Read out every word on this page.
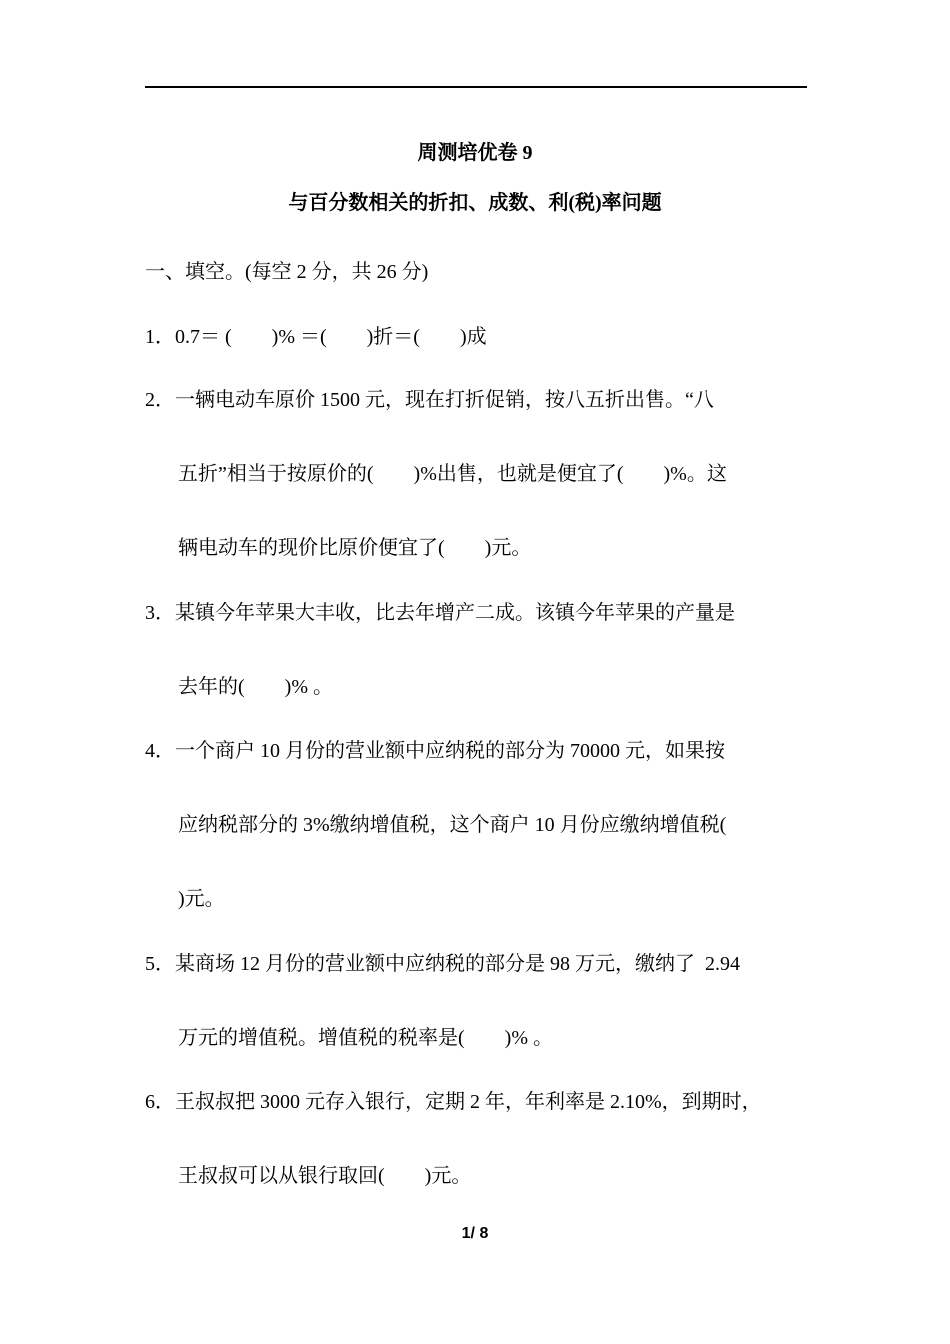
周测培优卷 9
与百分数相关的折扣、成数、利(税)率问题
一、填空。(每空 2 分，共 26 分)
1．0.7＝ (        )% ＝(        )折＝(        )成
2．一辆电动车原价 1500 元，现在打折促销，按八五折出售。“八
五折”相当于按原价的(        )%出售，也就是便宜了(        )%。这
辆电动车的现价比原价便宜了(        )元。
3．某镇今年苹果大丰收，比去年增产二成。该镇今年苹果的产量是
去年的(        )% 。
4．一个商户 10 月份的营业额中应纳税的部分为 70000 元，如果按
应纳税部分的 3%缴纳增值税，这个商户 10 月份应缴纳增值税(
)元。
5．某商场 12 月份的营业额中应纳税的部分是 98 万元，缴纳了  2.94
万元的增值税。增值税的税率是(        )% 。
6．王叔叔把 3000 元存入银行，定期 2 年，年利率是 2.10%，到期时，
王叔叔可以从银行取回(        )元。
1/ 8
